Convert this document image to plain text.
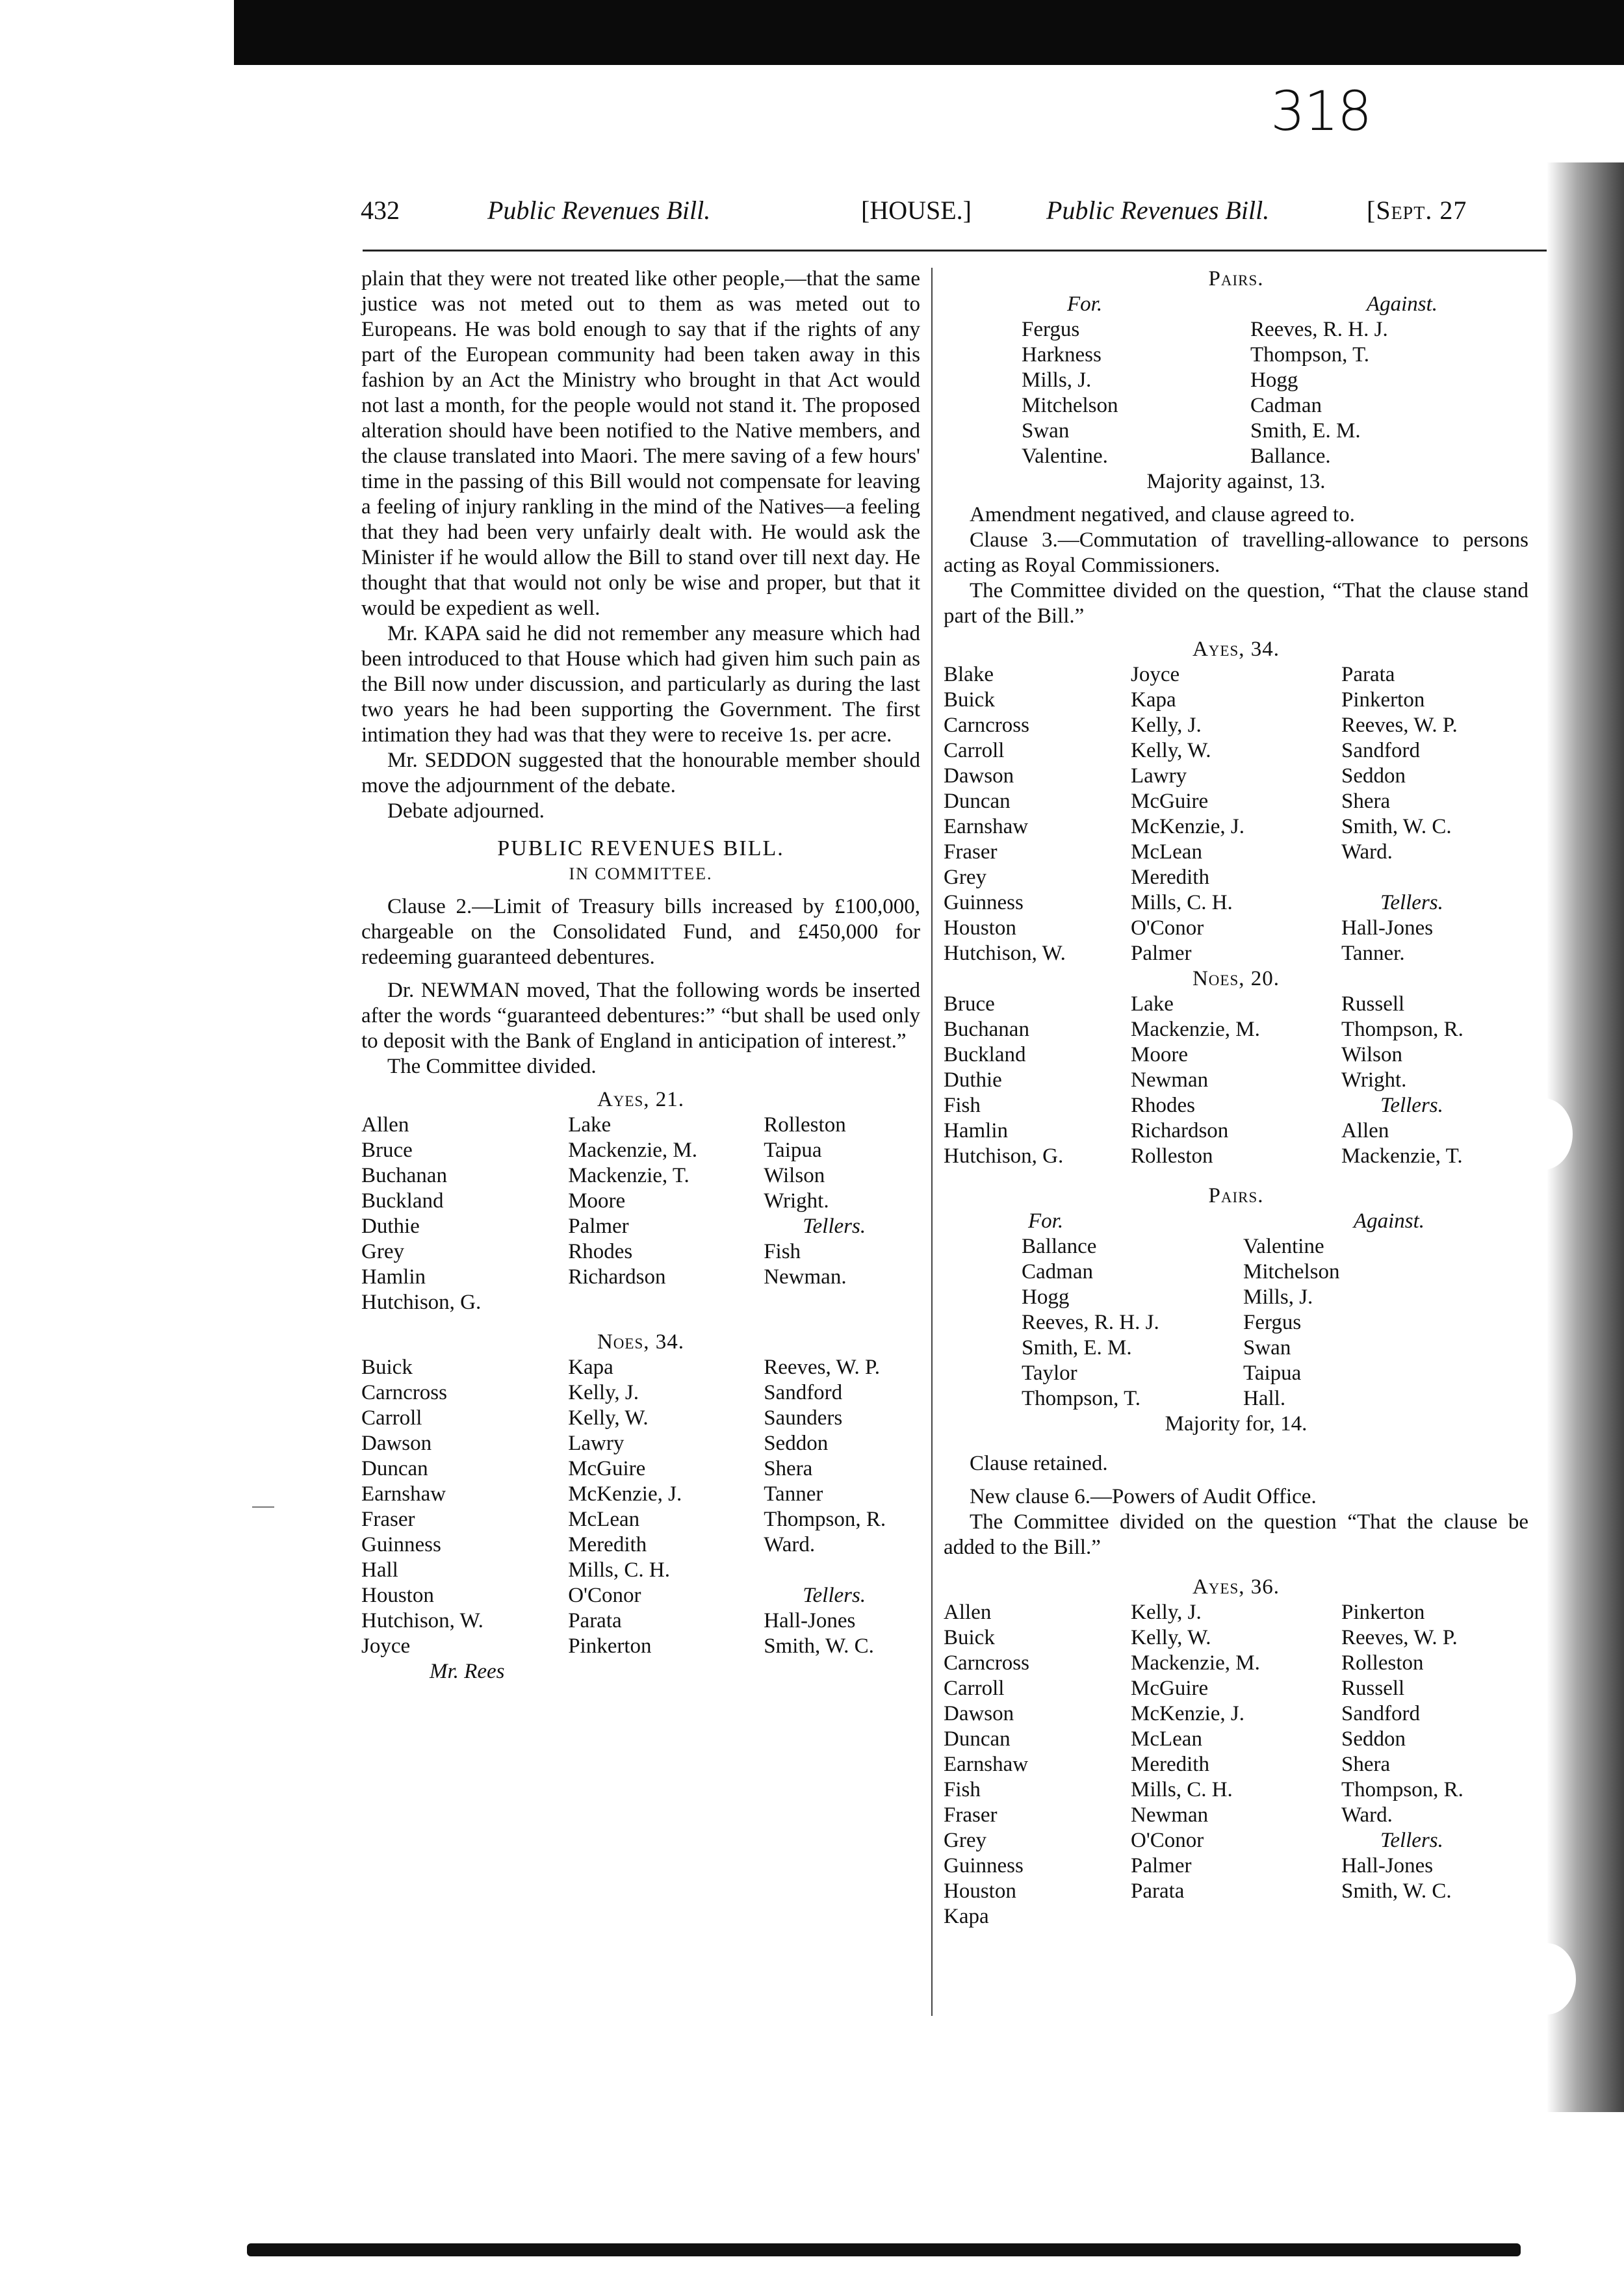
318
432	Public Revenues Bill.	[HOUSE.]	Public Revenues Bill.	[Sept. 27

plain that they were not treated like other people,—that the same justice was not meted out to them as was meted out to Europeans. He was bold enough to say that if the rights of any part of the European community had been taken away in this fashion by an Act the Ministry who brought in that Act would not last a month, for the people would not stand it. The proposed alteration should have been notified to the Native members, and the clause translated into Maori. The mere saving of a few hours' time in the passing of this Bill would not compensate for leaving a feeling of injury rankling in the mind of the Natives—a feeling that they had been very unfairly dealt with. He would ask the Minister if he would allow the Bill to stand over till next day. He thought that that would not only be wise and proper, but that it would be expedient as well.

Mr. KAPA said he did not remember any measure which had been introduced to that House which had given him such pain as the Bill now under discussion, and particularly as during the last two years he had been supporting the Government. The first intimation they had was that they were to receive 1s. per acre.

Mr. SEDDON suggested that the honourable member should move the adjournment of the debate.

Debate adjourned.

PUBLIC REVENUES BILL.
IN COMMITTEE.

Clause 2.—Limit of Treasury bills increased by £100,000, chargeable on the Consolidated Fund, and £450,000 for redeeming guaranteed debentures.

Dr. NEWMAN moved, That the following words be inserted after the words “guaranteed debentures:” “but shall be used only to deposit with the Bank of England in anticipation of interest.”

The Committee divided.

Ayes, 21.
Allen	Lake	Rolleston
Bruce	Mackenzie, M.	Taipua
Buchanan	Mackenzie, T.	Wilson
Buckland	Moore	Wright.
Duthie	Palmer	Tellers.
Grey	Rhodes	Fish
Hamlin	Richardson	Newman.
Hutchison, G.		
Noes, 34.
Buick	Kapa	Reeves, W. P.
Carncross	Kelly, J.	Sandford
Carroll	Kelly, W.	Saunders
Dawson	Lawry	Seddon
Duncan	McGuire	Shera
Earnshaw	McKenzie, J.	Tanner
Fraser	McLean	Thompson, R.
Guinness	Meredith	Ward.
Hall	Mills, C. H.	
Houston	O'Conor	Tellers.
Hutchison, W.	Parata	Hall-Jones
Joyce	Pinkerton	Smith, W. C.
Mr. Rees
Pairs.
For.	Against.
Fergus	Reeves, R. H. J.
Harkness	Thompson, T.
Mills, J.	Hogg
Mitchelson	Cadman
Swan	Smith, E. M.
Valentine.	Ballance.
Majority against, 13.

Amendment negatived, and clause agreed to.

Clause 3.—Commutation of travelling-allowance to persons acting as Royal Commissioners.

The Committee divided on the question, “That the clause stand part of the Bill.”

Ayes, 34.
Blake	Joyce	Parata
Buick	Kapa	Pinkerton
Carncross	Kelly, J.	Reeves, W. P.
Carroll	Kelly, W.	Sandford
Dawson	Lawry	Seddon
Duncan	McGuire	Shera
Earnshaw	McKenzie, J.	Smith, W. C.
Fraser	McLean	Ward.
Grey	Meredith	
Guinness	Mills, C. H.	Tellers.
Houston	O'Conor	Hall-Jones
Hutchison, W.	Palmer	Tanner.
Noes, 20.
Bruce	Lake	Russell
Buchanan	Mackenzie, M.	Thompson, R.
Buckland	Moore	Wilson
Duthie	Newman	Wright.
Fish	Rhodes	Tellers.
Hamlin	Richardson	Allen
Hutchison, G.	Rolleston	Mackenzie, T.
Pairs.
For.	Against.
Ballance	Valentine
Cadman	Mitchelson
Hogg	Mills, J.
Reeves, R. H. J.	Fergus
Smith, E. M.	Swan
Taylor	Taipua
Thompson, T.	Hall.
Majority for, 14.

Clause retained.

New clause 6.—Powers of Audit Office.

The Committee divided on the question “That the clause be added to the Bill.”

Ayes, 36.
Allen	Kelly, J.	Pinkerton
Buick	Kelly, W.	Reeves, W. P.
Carncross	Mackenzie, M.	Rolleston
Carroll	McGuire	Russell
Dawson	McKenzie, J.	Sandford
Duncan	McLean	Seddon
Earnshaw	Meredith	Shera
Fish	Mills, C. H.	Thompson, R.
Fraser	Newman	Ward.
Grey	O'Conor	Tellers.
Guinness	Palmer	Hall-Jones
Houston	Parata	Smith, W. C.
Kapa		
